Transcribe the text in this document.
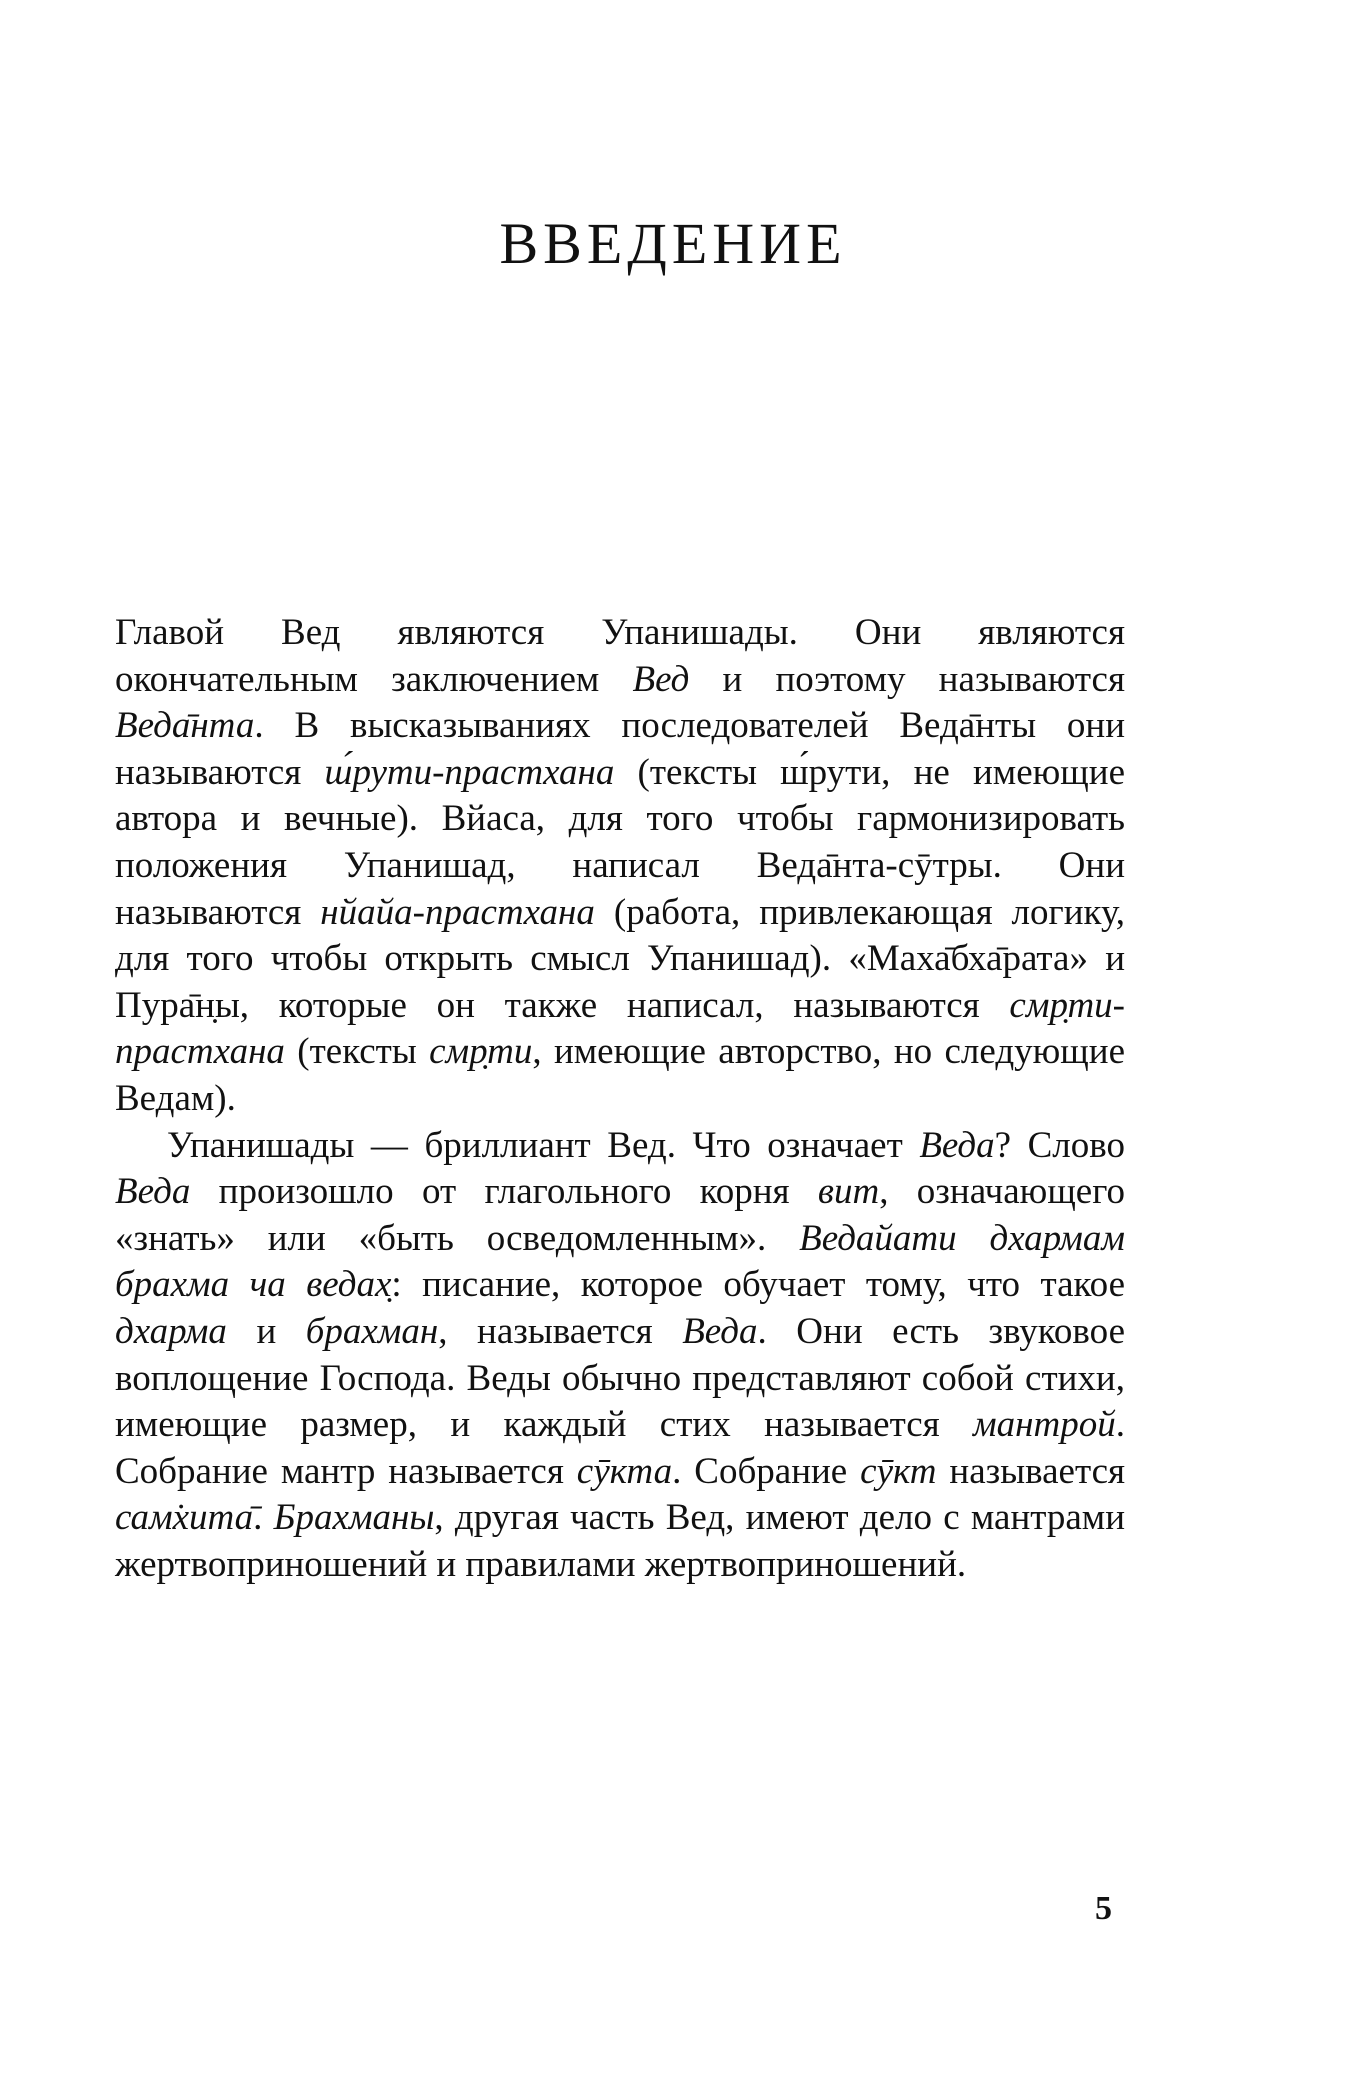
ВВЕДЕНИЕ

Главой Вед являются Упанишады. Они являются окончательным заключением Вед и поэтому называются Веда̄нта. В высказываниях последователей Веда̄нты они называются ш́рути-прастхана (тексты ш́рути, не имеющие автора и вечные). Вйаса, для того чтобы гармонизировать положения Упанишад, написал Веда̄нта-сӯтры. Они называются нйайа-прастхана (работа, привлекающая логику, для того чтобы открыть смысл Упанишад). «Маха̄бха̄рата» и Пура̄н̣ы, которые он также написал, называются смр̣ти-прастхана (тексты смр̣ти, имеющие авторство, но следующие Ведам).

Упанишады — бриллиант Вед. Что означает Веда? Слово Веда произошло от глагольного корня вит, означающего «знать» или «быть осведомленным». Ведайати дхармам брахма ча ведах̣: писание, которое обучает тому, что такое дхарма и брахман, называется Веда. Они есть звуковое воплощение Господа. Веды обычно представляют собой стихи, имеющие размер, и каждый стих называется мантрой. Собрание мантр называется сӯкта. Собрание сӯкт называется сам̇хита̄. Брахманы, другая часть Вед, имеют дело с мантрами жертвоприношений и правилами жертвоприношений.

5
